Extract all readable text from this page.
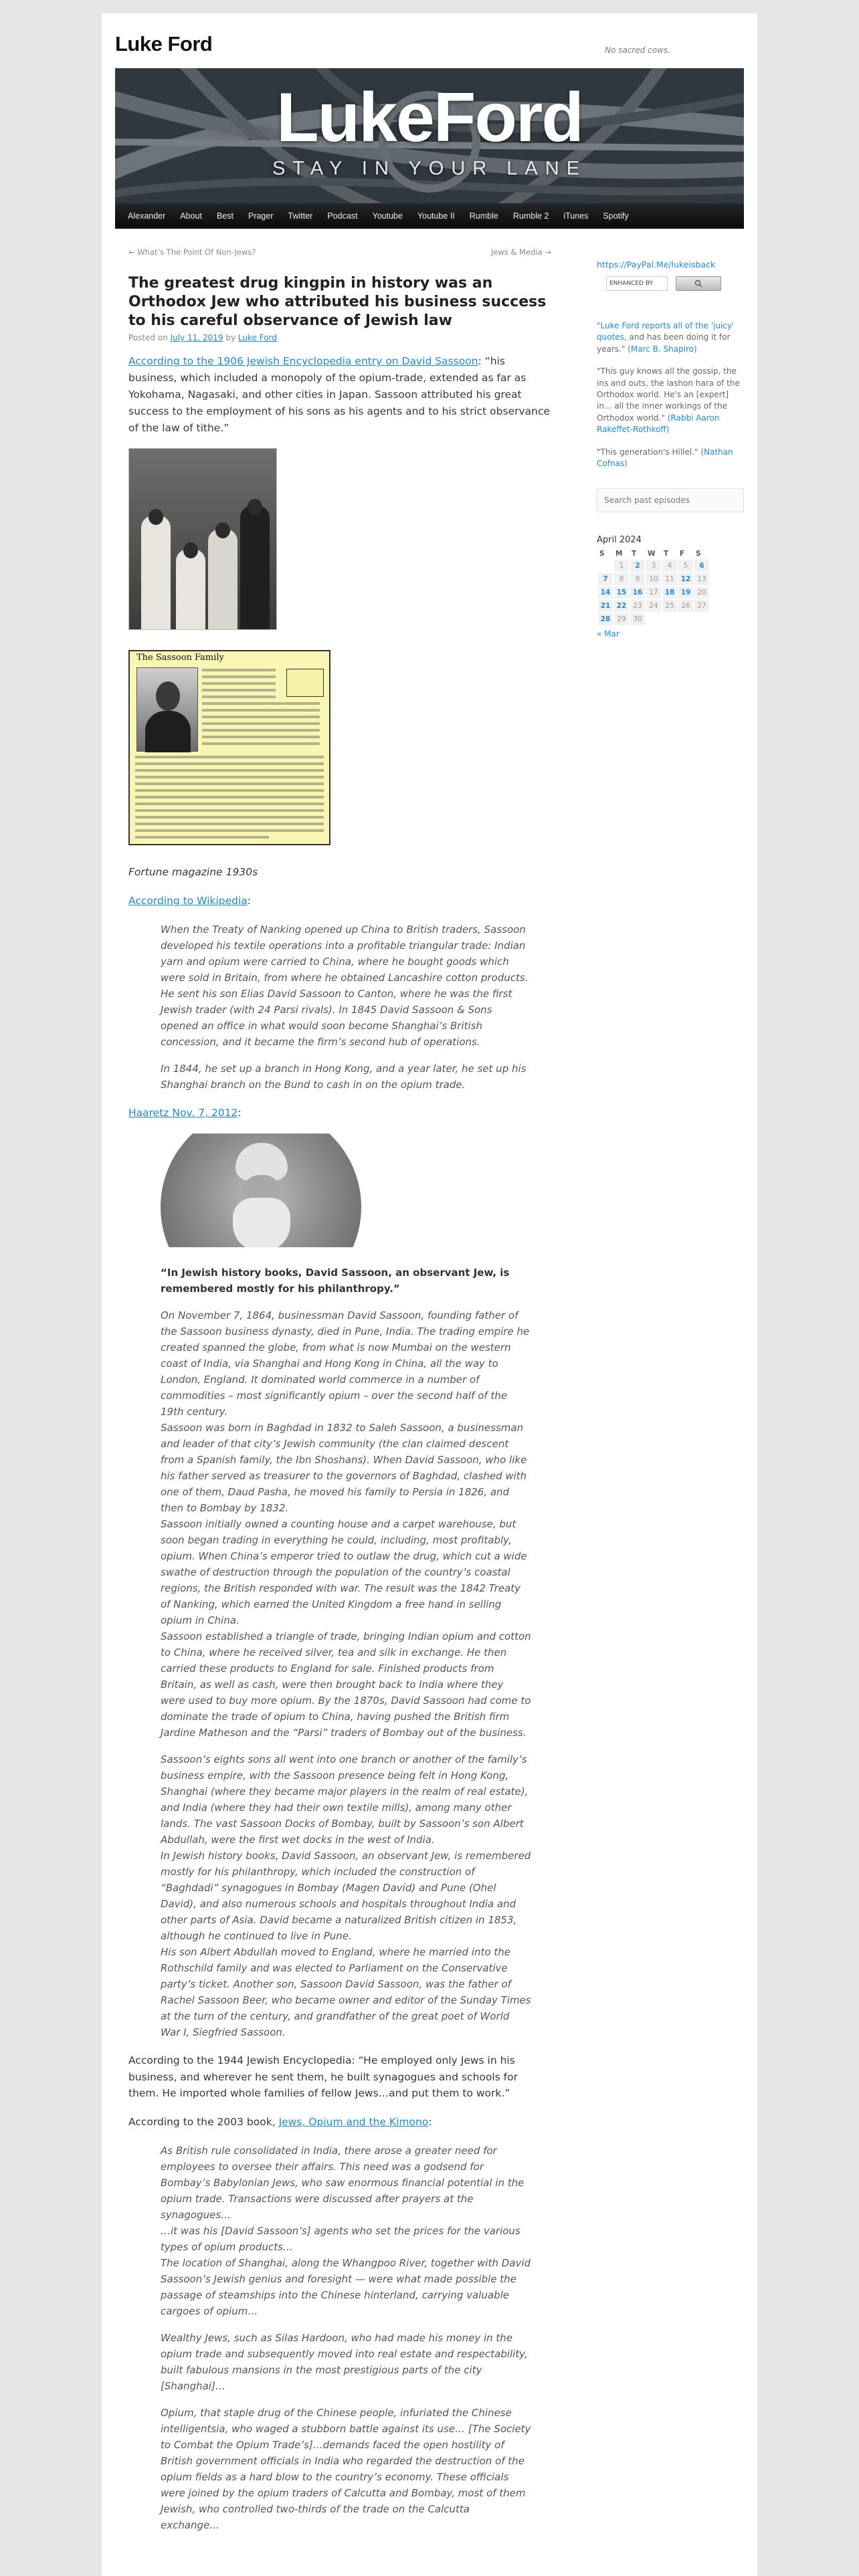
Luke Ford	No sacred cows.
LukeFord
STAY IN YOUR LANE
Alexander	About	Best	Prager	Twitter	Podcast	Youtube	Youtube II	Rumble	Rumble 2	iTunes	Spotify
← What’s The Point Of Non-Jews?	Jews & Media →
The greatest drug kingpin in history was an Orthodox Jew who attributed his business success to his careful observance of Jewish law
Posted on July 11, 2019 by Luke Ford

According to the 1906 Jewish Encyclopedia entry on David Sassoon: “his business, which included a monopoly of the opium-trade, extended as far as Yokohama, Nagasaki, and other cities in Japan. Sassoon attributed his great success to the employment of his sons as his agents and to his strict observance of the law of tithe.”

The Sassoon Family

Fortune magazine 1930s

According to Wikipedia:

When the Treaty of Nanking opened up China to British traders, Sassoon developed his textile operations into a profitable triangular trade: Indian yarn and opium were carried to China, where he bought goods which were sold in Britain, from where he obtained Lancashire cotton products. He sent his son Elias David Sassoon to Canton, where he was the first Jewish trader (with 24 Parsi rivals). In 1845 David Sassoon & Sons opened an office in what would soon become Shanghai’s British concession, and it became the firm’s second hub of operations.

In 1844, he set up a branch in Hong Kong, and a year later, he set up his Shanghai branch on the Bund to cash in on the opium trade.

Haaretz Nov. 7, 2012:

“In Jewish history books, David Sassoon, an observant Jew, is remembered mostly for his philanthropy.”

On November 7, 1864, businessman David Sassoon, founding father of the Sassoon business dynasty, died in Pune, India. The trading empire he created spanned the globe, from what is now Mumbai on the western coast of India, via Shanghai and Hong Kong in China, all the way to London, England. It dominated world commerce in a number of commodities – most significantly opium – over the second half of the 19th century.

Sassoon was born in Baghdad in 1832 to Saleh Sassoon, a businessman and leader of that city’s Jewish community (the clan claimed descent from a Spanish family, the Ibn Shoshans). When David Sassoon, who like his father served as treasurer to the governors of Baghdad, clashed with one of them, Daud Pasha, he moved his family to Persia in 1826, and then to Bombay by 1832.

Sassoon initially owned a counting house and a carpet warehouse, but soon began trading in everything he could, including, most profitably, opium. When China’s emperor tried to outlaw the drug, which cut a wide swathe of destruction through the population of the country’s coastal regions, the British responded with war. The result was the 1842 Treaty of Nanking, which earned the United Kingdom a free hand in selling opium in China.

Sassoon established a triangle of trade, bringing Indian opium and cotton to China, where he received silver, tea and silk in exchange. He then carried these products to England for sale. Finished products from Britain, as well as cash, were then brought back to India where they were used to buy more opium. By the 1870s, David Sassoon had come to dominate the trade of opium to China, having pushed the British firm Jardine Matheson and the “Parsi” traders of Bombay out of the business.

Sassoon’s eights sons all went into one branch or another of the family’s business empire, with the Sassoon presence being felt in Hong Kong, Shanghai (where they became major players in the realm of real estate), and India (where they had their own textile mills), among many other lands. The vast Sassoon Docks of Bombay, built by Sassoon’s son Albert Abdullah, were the first wet docks in the west of India.

In Jewish history books, David Sassoon, an observant Jew, is remembered mostly for his philanthropy, which included the construction of “Baghdadi” synagogues in Bombay (Magen David) and Pune (Ohel David), and also numerous schools and hospitals throughout India and other parts of Asia. David became a naturalized British citizen in 1853, although he continued to live in Pune.

His son Albert Abdullah moved to England, where he married into the Rothschild family and was elected to Parliament on the Conservative party’s ticket. Another son, Sassoon David Sassoon, was the father of Rachel Sassoon Beer, who became owner and editor of the Sunday Times at the turn of the century, and grandfather of the great poet of World War I, Siegfried Sassoon.

According to the 1944 Jewish Encyclopedia: “He employed only Jews in his business, and wherever he sent them, he built synagogues and schools for them. He imported whole families of fellow Jews…and put them to work.”

According to the 2003 book, Jews, Opium and the Kimono:

As British rule consolidated in India, there arose a greater need for employees to oversee their affairs. This need was a godsend for Bombay’s Babylonian Jews, who saw enormous financial potential in the opium trade. Transactions were discussed after prayers at the synagogues…

…it was his [David Sassoon’s] agents who set the prices for the various types of opium products…

The location of Shanghai, along the Whangpoo River, together with David Sassoon’s Jewish genius and foresight — were what made possible the passage of steamships into the Chinese hinterland, carrying valuable cargoes of opium…

Wealthy Jews, such as Silas Hardoon, who had made his money in the opium trade and subsequently moved into real estate and respectability, built fabulous mansions in the most prestigious parts of the city [Shanghai]…

Opium, that staple drug of the Chinese people, infuriated the Chinese intelligentsia, who waged a stubborn battle against its use… [The Society to Combat the Opium Trade’s]…demands faced the open hostility of British government officials in India who regarded the destruction of the opium fields as a hard blow to the country’s economy. These officials were joined by the opium traders of Calcutta and Bombay, most of them Jewish, who controlled two-thirds of the trade on the Calcutta exchange…

https://PayPal.Me/lukeisback
ENHANCED BY
"Luke Ford reports all of the 'juicy' quotes, and has been doing it for years." (Marc B. Shapiro)
"This guy knows all the gossip, the ins and outs, the lashon hara of the Orthodox world. He's an [expert] in... all the inner workings of the Orthodox world." (Rabbi Aaron Rakeffet-Rothkoff)
"This generation's Hillel." (Nathan Cofnas)
Search past episodes
April 2024
S	M	T	W	T	F	S
	1	2	3	4	5	6
7	8	9	10	11	12	13
14	15	16	17	18	19	20
21	22	23	24	25	26	27
28	29	30				
« Mar
